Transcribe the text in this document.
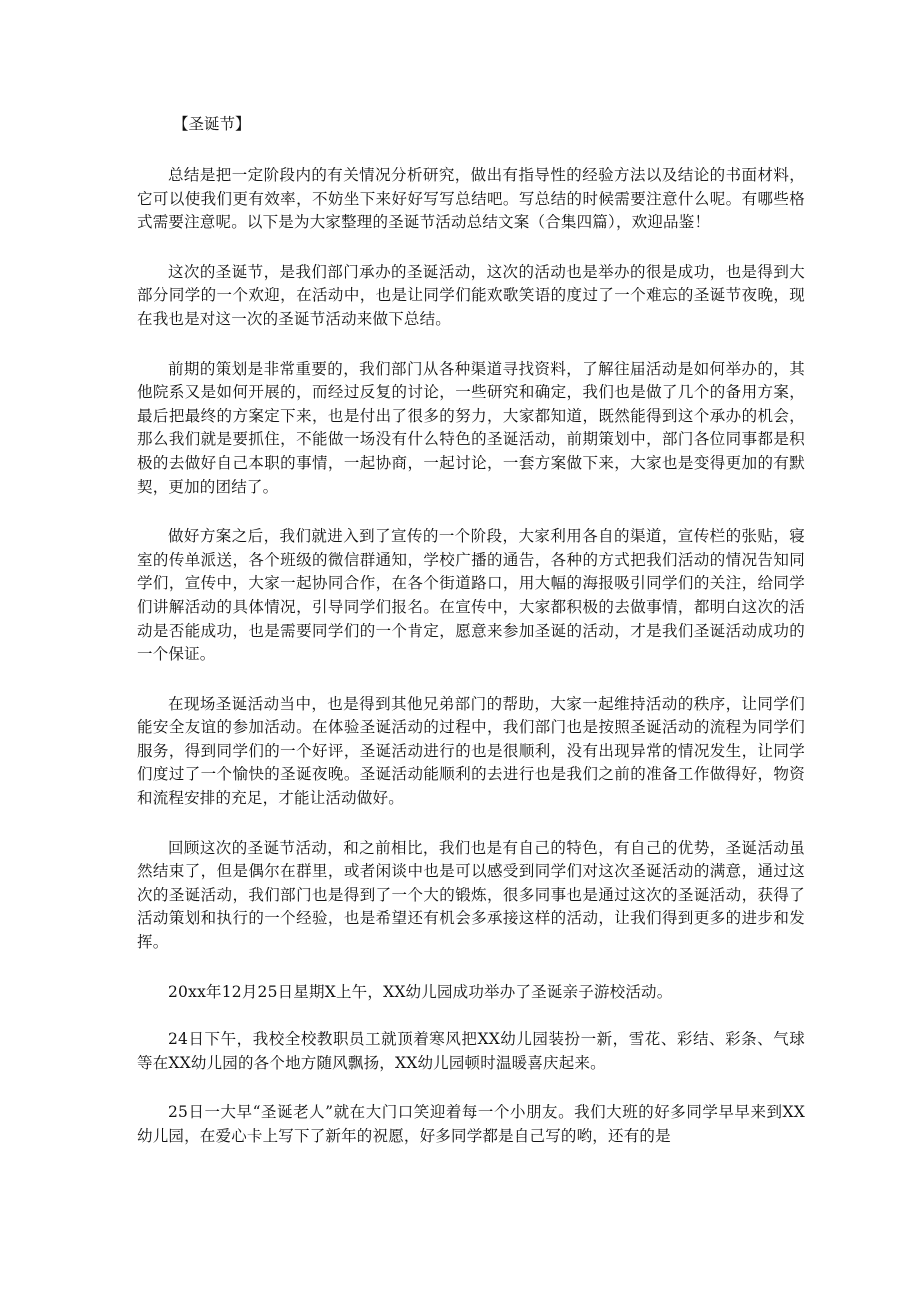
【圣诞节】

总结是把一定阶段内的有关情况分析研究，做出有指导性的经验方法以及结论的书面材料，它可以使我们更有效率，不妨坐下来好好写写总结吧。写总结的时候需要注意什么呢。有哪些格式需要注意呢。以下是为大家整理的圣诞节活动总结文案（合集四篇），欢迎品鉴！

这次的圣诞节，是我们部门承办的圣诞活动，这次的活动也是举办的很是成功，也是得到大部分同学的一个欢迎，在活动中，也是让同学们能欢歌笑语的度过了一个难忘的圣诞节夜晚，现在我也是对这一次的圣诞节活动来做下总结。

前期的策划是非常重要的，我们部门从各种渠道寻找资料，了解往届活动是如何举办的，其他院系又是如何开展的，而经过反复的讨论，一些研究和确定，我们也是做了几个的备用方案，最后把最终的方案定下来，也是付出了很多的努力，大家都知道，既然能得到这个承办的机会，那么我们就是要抓住，不能做一场没有什么特色的圣诞活动，前期策划中，部门各位同事都是积极的去做好自己本职的事情，一起协商，一起讨论，一套方案做下来，大家也是变得更加的有默契，更加的团结了。

做好方案之后，我们就进入到了宣传的一个阶段，大家利用各自的渠道，宣传栏的张贴，寝室的传单派送，各个班级的微信群通知，学校广播的通告，各种的方式把我们活动的情况告知同学们，宣传中，大家一起协同合作，在各个街道路口，用大幅的海报吸引同学们的关注，给同学们讲解活动的具体情况，引导同学们报名。在宣传中，大家都积极的去做事情，都明白这次的活动是否能成功，也是需要同学们的一个肯定，愿意来参加圣诞的活动，才是我们圣诞活动成功的一个保证。

在现场圣诞活动当中，也是得到其他兄弟部门的帮助，大家一起维持活动的秩序，让同学们能安全友谊的参加活动。在体验圣诞活动的过程中，我们部门也是按照圣诞活动的流程为同学们服务，得到同学们的一个好评，圣诞活动进行的也是很顺利，没有出现异常的情况发生，让同学们度过了一个愉快的圣诞夜晚。圣诞活动能顺利的去进行也是我们之前的准备工作做得好，物资和流程安排的充足，才能让活动做好。

回顾这次的圣诞节活动，和之前相比，我们也是有自己的特色，有自己的优势，圣诞活动虽然结束了，但是偶尔在群里，或者闲谈中也是可以感受到同学们对这次圣诞活动的满意，通过这次的圣诞活动，我们部门也是得到了一个大的锻炼，很多同事也是通过这次的圣诞活动，获得了活动策划和执行的一个经验，也是希望还有机会多承接这样的活动，让我们得到更多的进步和发挥。

20xx年12月25日星期X上午，XX幼儿园成功举办了圣诞亲子游校活动。

24日下午，我校全校教职员工就顶着寒风把XX幼儿园装扮一新，雪花、彩结、彩条、气球等在XX幼儿园的各个地方随风飘扬，XX幼儿园顿时温暖喜庆起来。

25日一大早“圣诞老人”就在大门口笑迎着每一个小朋友。我们大班的好多同学早早来到XX幼儿园，在爱心卡上写下了新年的祝愿，好多同学都是自己写的哟，还有的是
